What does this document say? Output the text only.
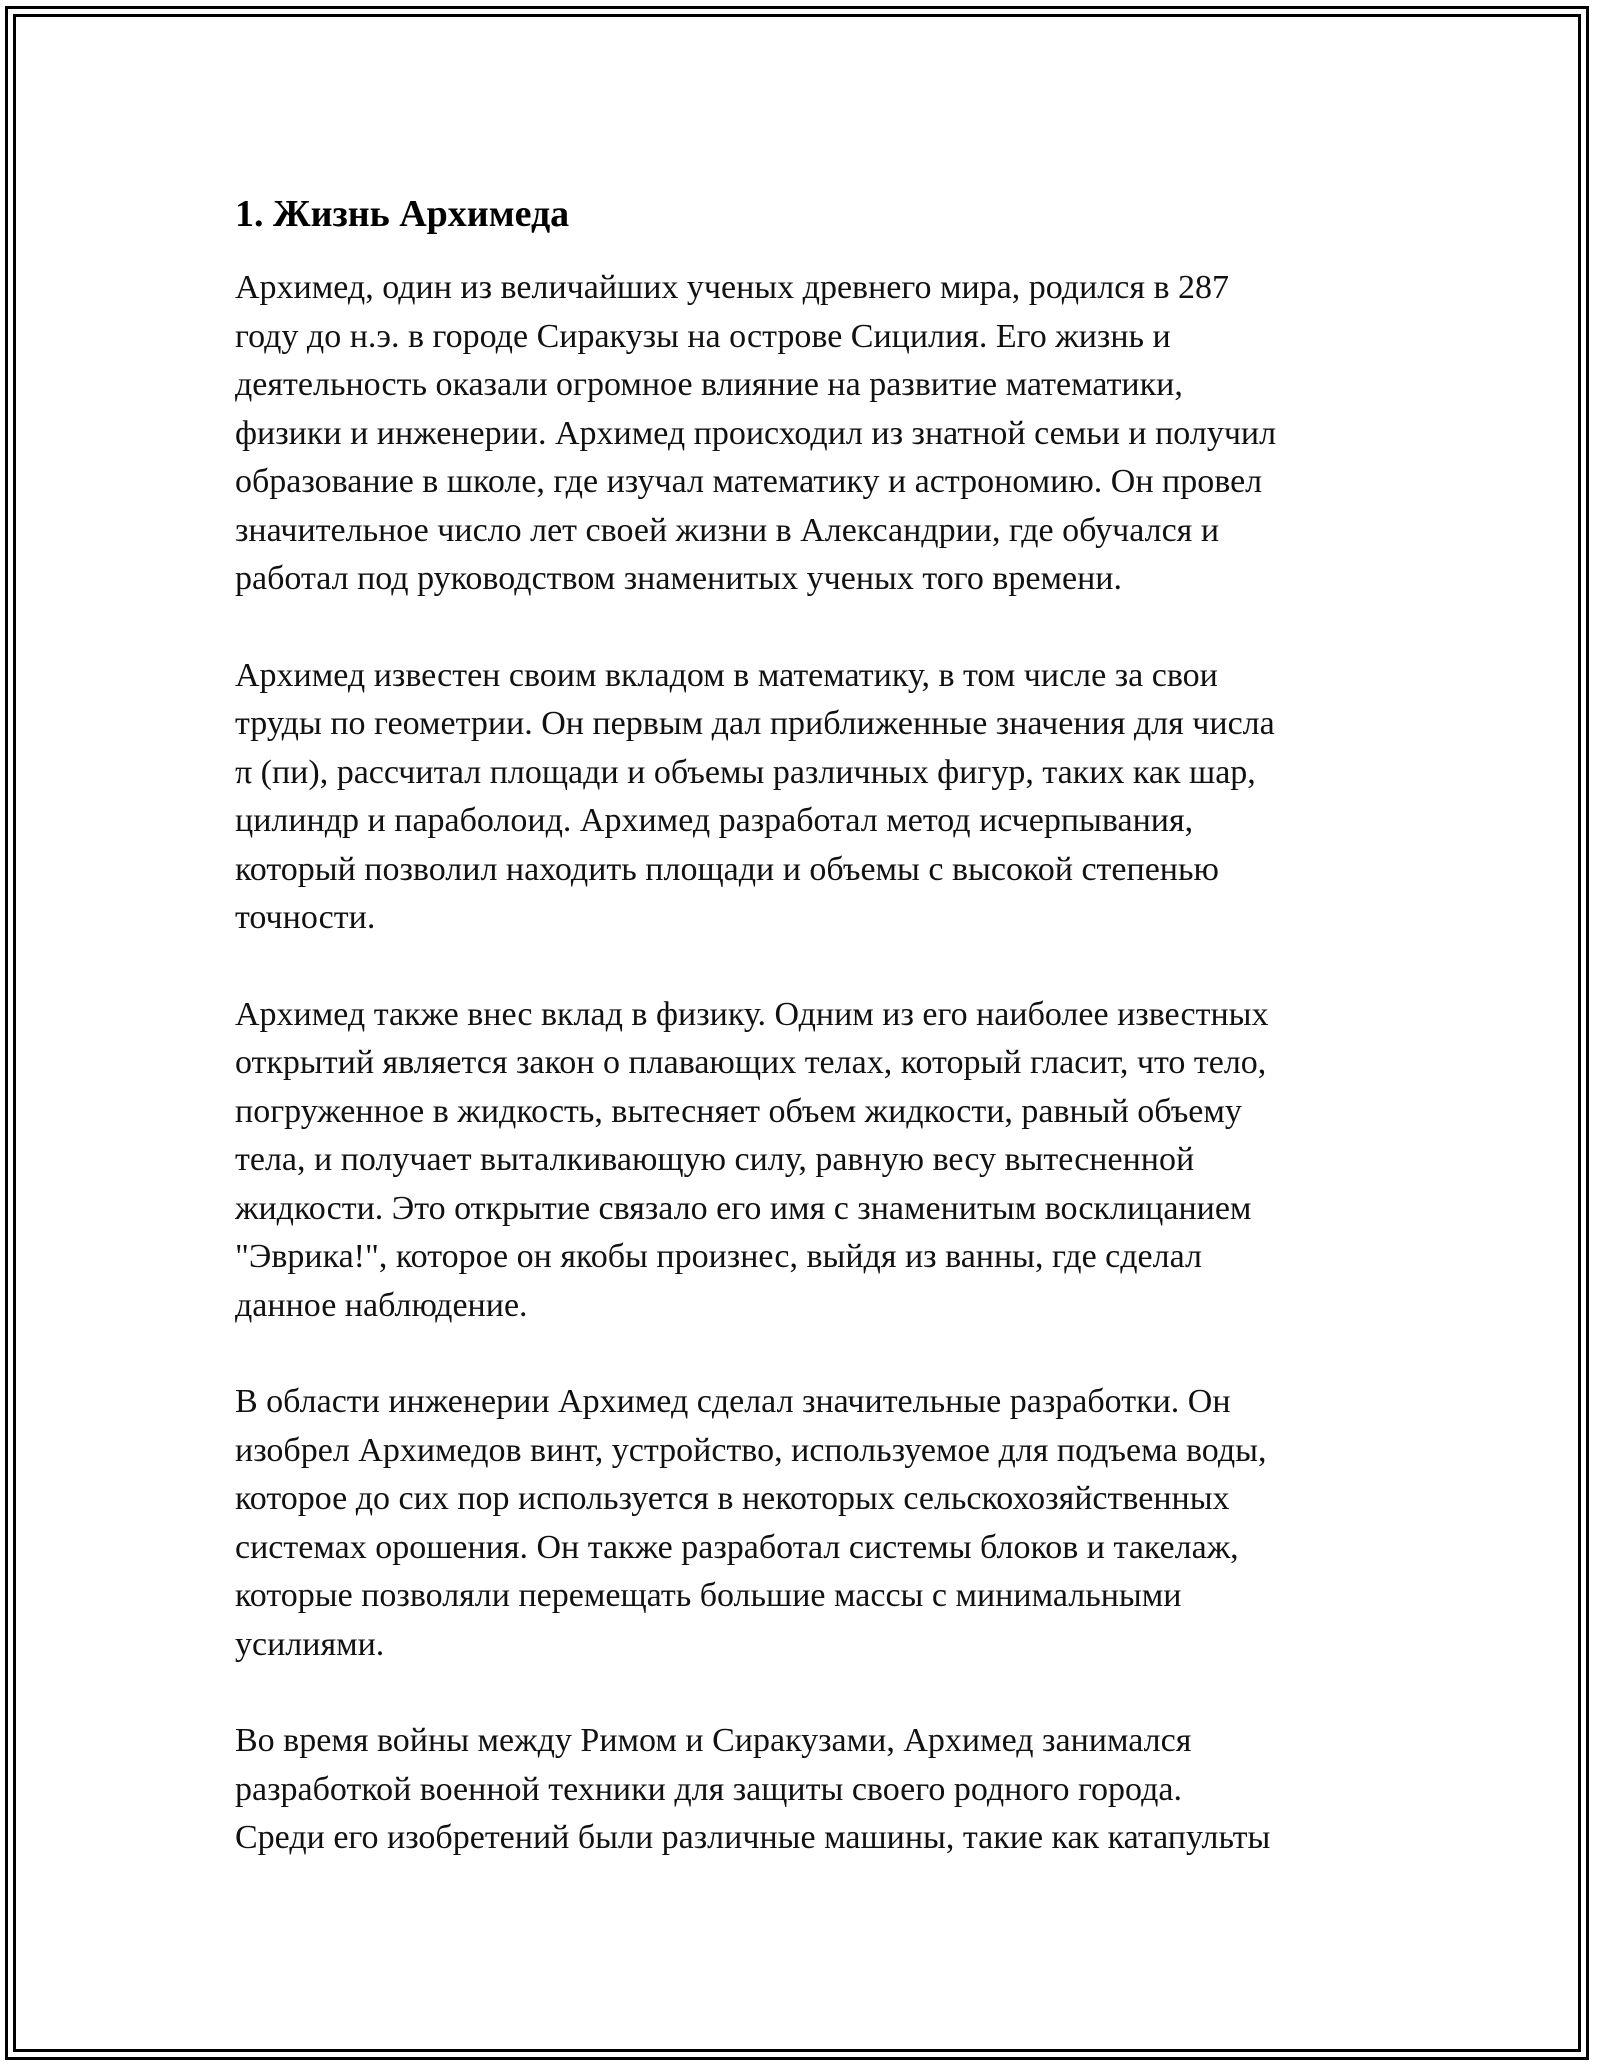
1. Жизнь Архимеда

Архимед, один из величайших ученых древнего мира, родился в 287
году до н.э. в городе Сиракузы на острове Сицилия. Его жизнь и
деятельность оказали огромное влияние на развитие математики,
физики и инженерии. Архимед происходил из знатной семьи и получил
образование в школе, где изучал математику и астрономию. Он провел
значительное число лет своей жизни в Александрии, где обучался и
работал под руководством знаменитых ученых того времени.

Архимед известен своим вкладом в математику, в том числе за свои
труды по геометрии. Он первым дал приближенные значения для числа
π (пи), рассчитал площади и объемы различных фигур, таких как шар,
цилиндр и параболоид. Архимед разработал метод исчерпывания,
который позволил находить площади и объемы с высокой степенью
точности.

Архимед также внес вклад в физику. Одним из его наиболее известных
открытий является закон о плавающих телах, который гласит, что тело,
погруженное в жидкость, вытесняет объем жидкости, равный объему
тела, и получает выталкивающую силу, равную весу вытесненной
жидкости. Это открытие связало его имя с знаменитым восклицанием
"Эврика!", которое он якобы произнес, выйдя из ванны, где сделал
данное наблюдение.

В области инженерии Архимед сделал значительные разработки. Он
изобрел Архимедов винт, устройство, используемое для подъема воды,
которое до сих пор используется в некоторых сельскохозяйственных
системах орошения. Он также разработал системы блоков и такелаж,
которые позволяли перемещать большие массы с минимальными
усилиями.

Во время войны между Римом и Сиракузами, Архимед занимался
разработкой военной техники для защиты своего родного города.
Среди его изобретений были различные машины, такие как катапульты
